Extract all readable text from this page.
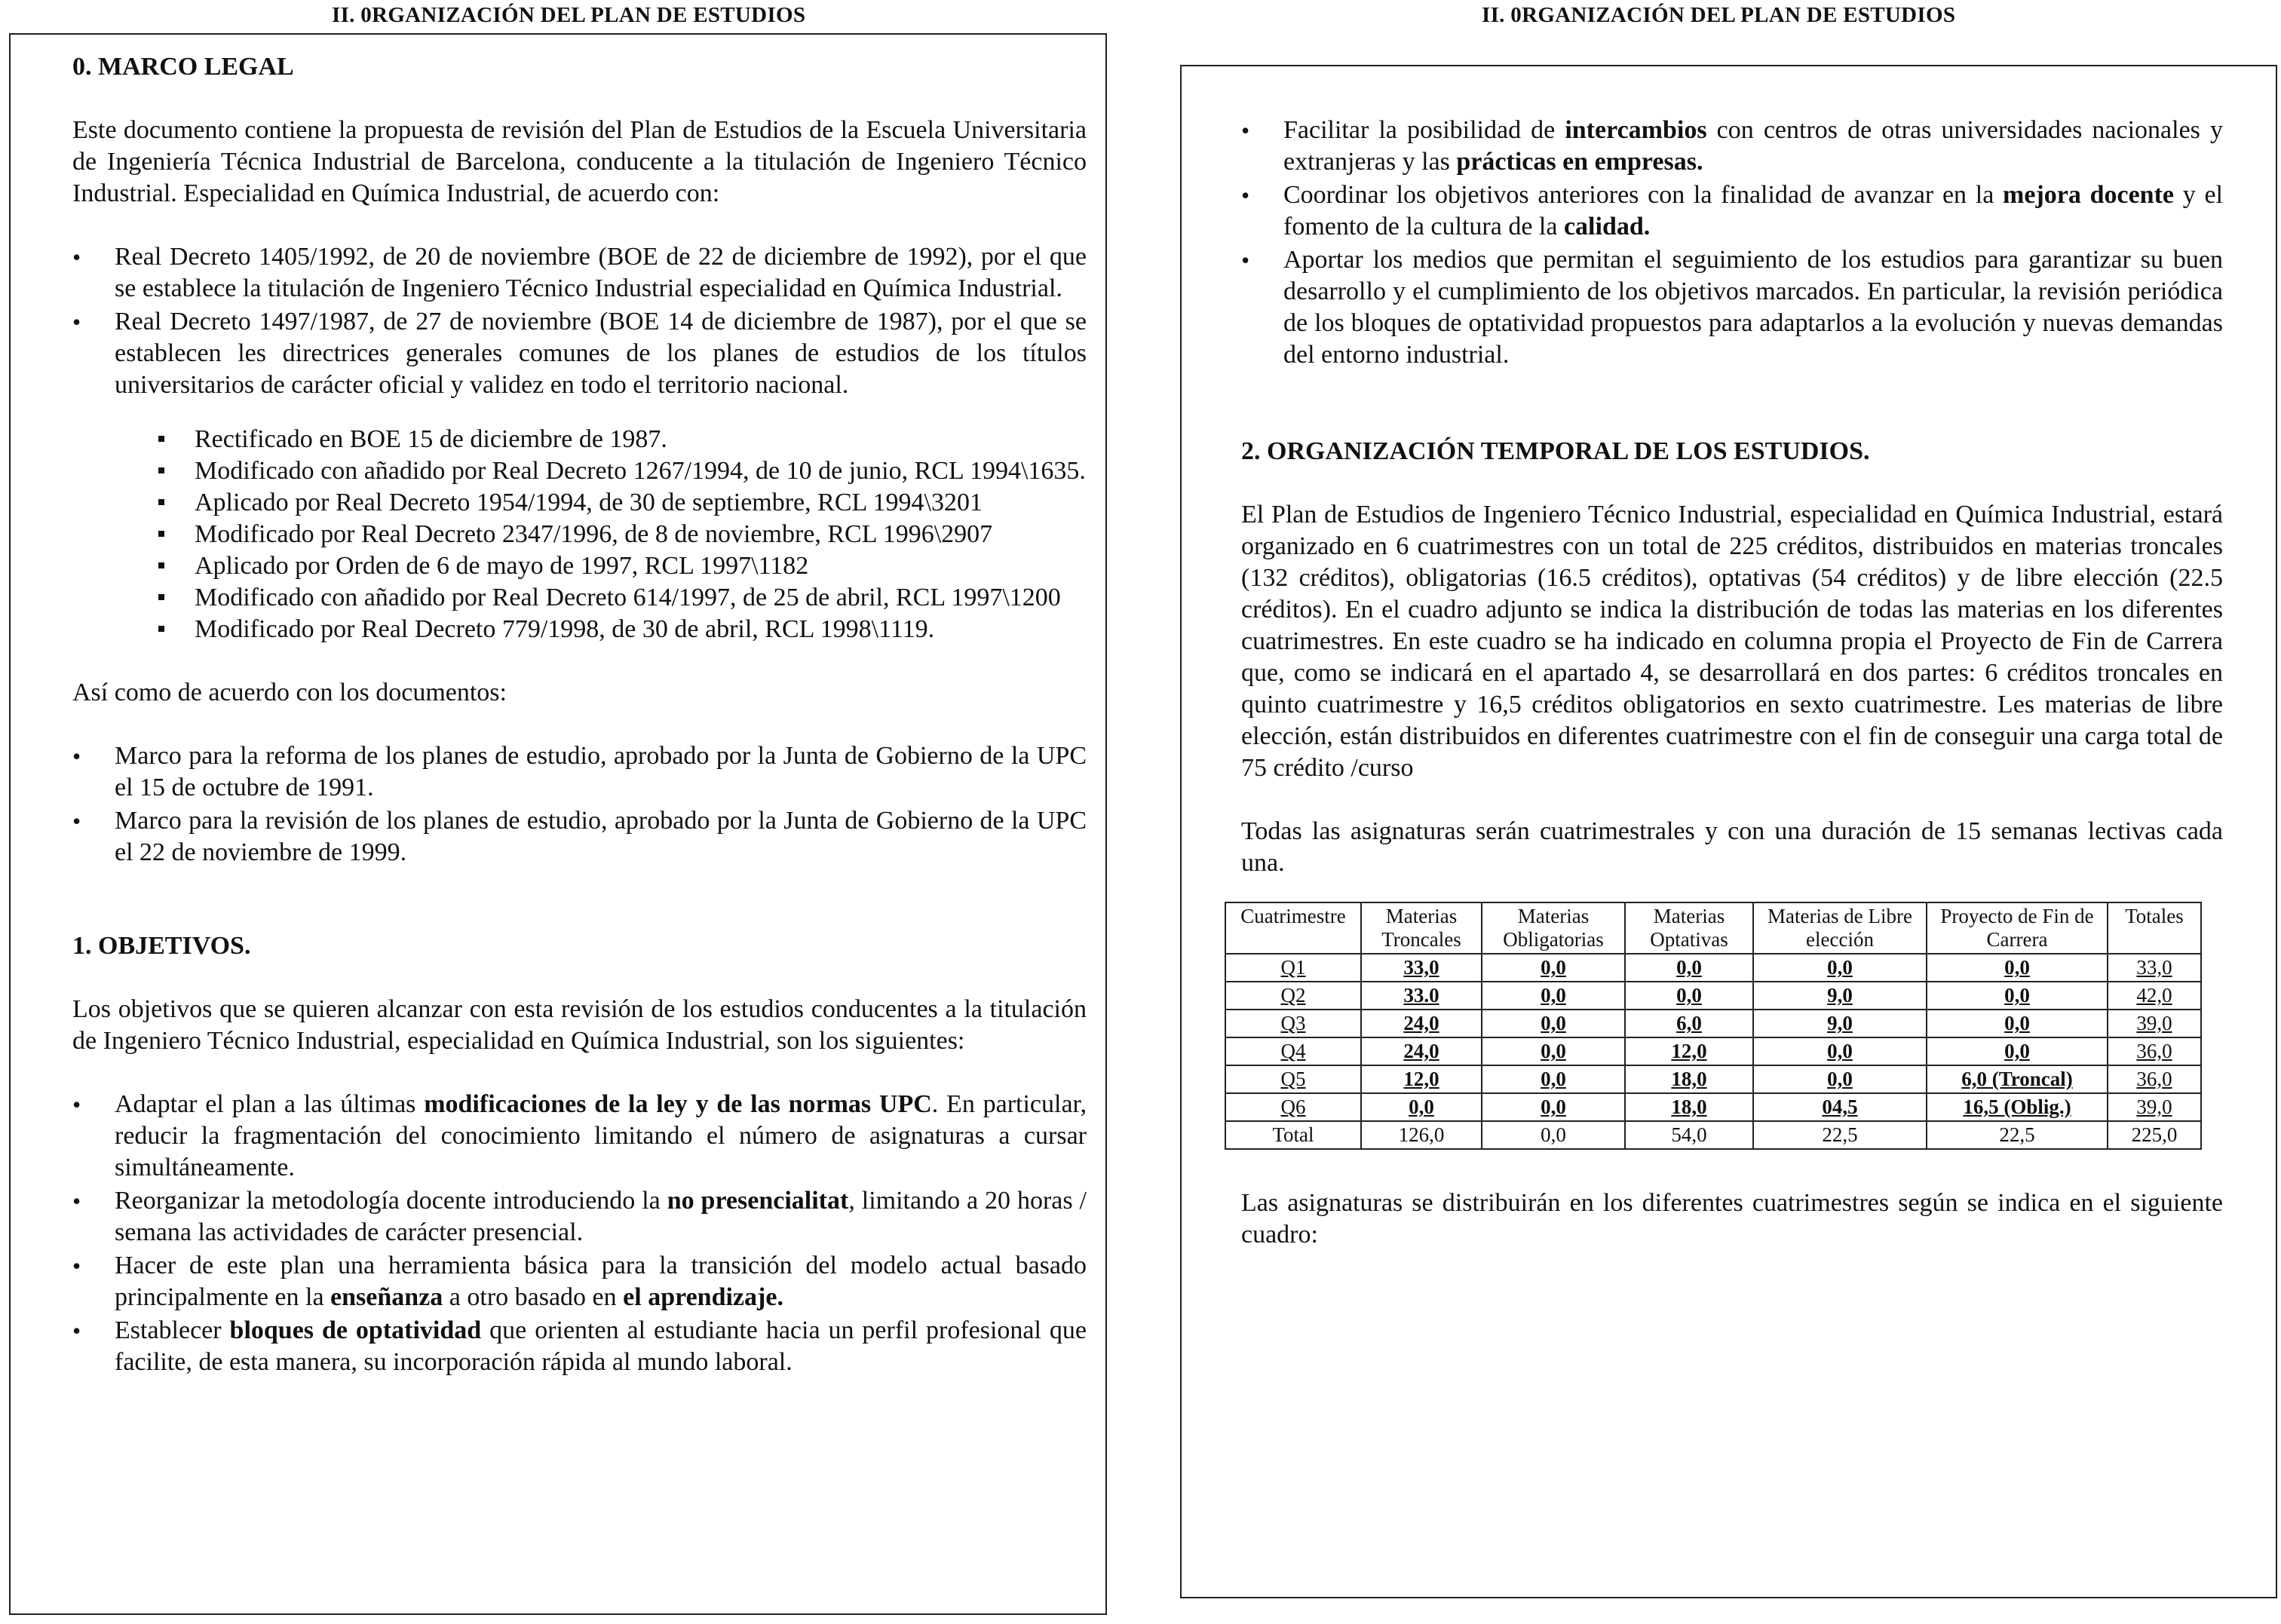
II. 0RGANIZACIÓN DEL PLAN DE ESTUDIOS	II. 0RGANIZACIÓN DEL PLAN DE ESTUDIOS
0. MARCO LEGAL

Este documento contiene la propuesta de revisión del Plan de Estudios de la Escuela Universitaria de Ingeniería Técnica Industrial de Barcelona, conducente a la titulación de Ingeniero Técnico Industrial. Especialidad en Química Industrial, de acuerdo con:

• Real Decreto 1405/1992, de 20 de noviembre (BOE de 22 de diciembre de 1992), por el que se establece la titulación de Ingeniero Técnico Industrial especialidad en Química Industrial.
• Real Decreto 1497/1987, de 27 de noviembre (BOE 14 de diciembre de 1987), por el que se establecen les directrices generales comunes de los planes de estudios de los títulos universitarios de carácter oficial y validez en todo el territorio nacional.
Rectificado en BOE 15 de diciembre de 1987.
Modificado con añadido por Real Decreto 1267/1994, de 10 de junio, RCL 1994\1635.
Aplicado por Real Decreto 1954/1994, de 30 de septiembre, RCL 1994\3201
Modificado por Real Decreto 2347/1996, de 8 de noviembre, RCL 1996\2907
Aplicado por Orden de 6 de mayo de 1997, RCL 1997\1182
Modificado con añadido por Real Decreto 614/1997, de 25 de abril, RCL 1997\1200
Modificado por Real Decreto 779/1998, de 30 de abril, RCL 1998\1119.

Así como de acuerdo con los documentos:

• Marco para la reforma de los planes de estudio, aprobado por la Junta de Gobierno de la UPC el 15 de octubre de 1991.
• Marco para la revisión de los planes de estudio, aprobado por la Junta de Gobierno de la UPC el 22 de noviembre de 1999.
1. OBJETIVOS.

Los objetivos que se quieren alcanzar con esta revisión de los estudios conducentes a la titulación de Ingeniero Técnico Industrial, especialidad en Química Industrial, son los siguientes:

• Adaptar el plan a las últimas modificaciones de la ley y de las normas UPC. En particular, reducir la fragmentación del conocimiento limitando el número de asignaturas a cursar simultáneamente.
• Reorganizar la metodología docente introduciendo la no presencialitat, limitando a 20 horas / semana las actividades de carácter presencial.
• Hacer de este plan una herramienta básica para la transición del modelo actual basado principalmente en la enseñanza a otro basado en el aprendizaje.
• Establecer bloques de optatividad que orienten al estudiante hacia un perfil profesional que facilite, de esta manera, su incorporación rápida al mundo laboral.
• Facilitar la posibilidad de intercambios con centros de otras universidades nacionales y extranjeras y las prácticas en empresas.
• Coordinar los objetivos anteriores con la finalidad de avanzar en la mejora docente y el fomento de la cultura de la calidad.
• Aportar los medios que permitan el seguimiento de los estudios para garantizar su buen desarrollo y el cumplimiento de los objetivos marcados. En particular, la revisión periódica de los bloques de optatividad propuestos para adaptarlos a la evolución y nuevas demandas del entorno industrial.
2. ORGANIZACIÓN TEMPORAL DE LOS ESTUDIOS.

El Plan de Estudios de Ingeniero Técnico Industrial, especialidad en Química Industrial, estará organizado en 6 cuatrimestres con un total de 225 créditos, distribuidos en materias troncales (132 créditos), obligatorias (16.5 créditos), optativas (54 créditos) y de libre elección (22.5 créditos). En el cuadro adjunto se indica la distribución de todas las materias en los diferentes cuatrimestres. En este cuadro se ha indicado en columna propia el Proyecto de Fin de Carrera que, como se indicará en el apartado 4, se desarrollará en dos partes: 6 créditos troncales en quinto cuatrimestre y 16,5 créditos obligatorios en sexto cuatrimestre. Les materias de libre elección, están distribuidos en diferentes cuatrimestre con el fin de conseguir una carga total de 75 crédito /curso

Todas las asignaturas serán cuatrimestrales y con una duración de 15 semanas lectivas cada una.

Cuatrimestre	Materias Troncales	Materias Obligatorias	Materias Optativas	Materias de Libre elección	Proyecto de Fin de Carrera	Totales
Q1	33,0	0,0	0,0	0,0	0,0	33,0
Q2	33.0	0,0	0,0	9,0	0,0	42,0
Q3	24,0	0,0	6,0	9,0	0,0	39,0
Q4	24,0	0,0	12,0	0,0	0,0	36,0
Q5	12,0	0,0	18,0	0,0	6,0 (Troncal)	36,0
Q6	0,0	0,0	18,0	04,5	16,5 (Oblig.)	39,0
Total	126,0	0,0	54,0	22,5	22,5	225,0

Las asignaturas se distribuirán en los diferentes cuatrimestres según se indica en el siguiente cuadro:
